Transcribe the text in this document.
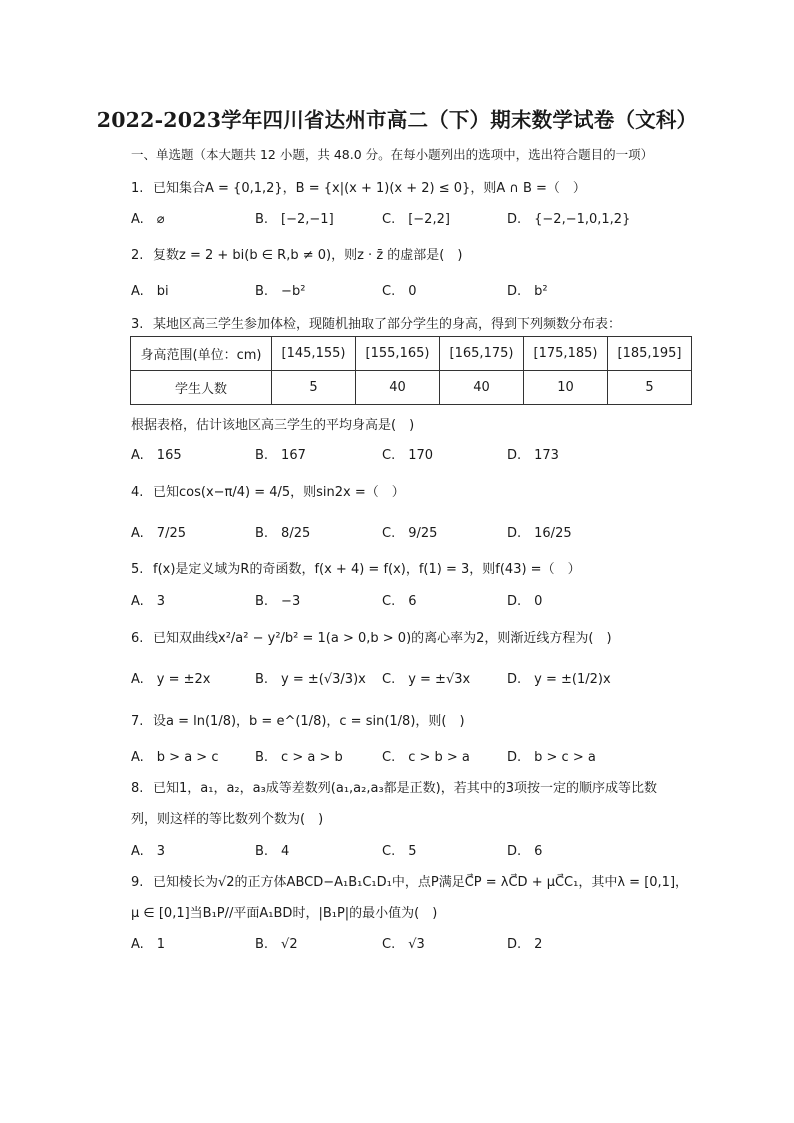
2022-2023学年四川省达州市高二（下）期末数学试卷（文科）
一、单选题（本大题共 12 小题，共 48.0 分。在每小题列出的选项中，选出符合题目的一项）
1. 已知集合A = {0,1,2}，B = {x|(x + 1)(x + 2) ≤ 0}，则A ∩ B =（　）
A.　⌀	B.　[−2,−1]	C.　[−2,2]	D.　{−2,−1,0,1,2}
2. 复数z = 2 + bi(b ∈ R,b ≠ 0)，则z · z̄ 的虚部是(　)
A.　bi	B.　−b²	C.　0	D.　b²
3. 某地区高三学生参加体检，现随机抽取了部分学生的身高，得到下列频数分布表：
身高范围(单位：cm)	[145,155)	[155,165)	[165,175)	[175,185)	[185,195]
学生人数	5	40	40	10	5
根据表格，估计该地区高三学生的平均身高是(　)
A.　165	B.　167	C.　170	D.　173
4. 已知cos(x−π/4) = 4/5，则sin2x =（　）
A.　7/25	B.　8/25	C.　9/25	D.　16/25
5. f(x)是定义域为R的奇函数，f(x + 4) = f(x)，f(1) = 3，则f(43) =（　）
A.　3	B.　−3	C.　6	D.　0
6. 已知双曲线x²/a² − y²/b² = 1(a > 0,b > 0)的离心率为2，则渐近线方程为(　)
A.　y = ±2x	B.　y = ±(√3/3)x C.　y = ±√3x	D.　y = ±(1/2)x
7. 设a = ln(1/8)，b = e^(1/8)，c = sin(1/8)，则(　)
A.　b > a > c	B.　c > a > b	C.　c > b > a	D.　b > c > a
8. 已知1，a₁，a₂，a₃成等差数列(a₁,a₂,a₃都是正数)，若其中的3项按一定的顺序成等比数
列，则这样的等比数列个数为(　)
A.　3	B.　4	C.　5	D.　6
9. 已知棱长为√2的正方体ABCD−A₁B₁C₁D₁中，点P满足C⃗P = λC⃗D + μC⃗C₁，其中λ = [0,1]，
μ ∈ [0,1]当B₁P//平面A₁BD时，|B₁P|的最小值为(　)
A.　1	B.　√2	C.　√3	D.　2
